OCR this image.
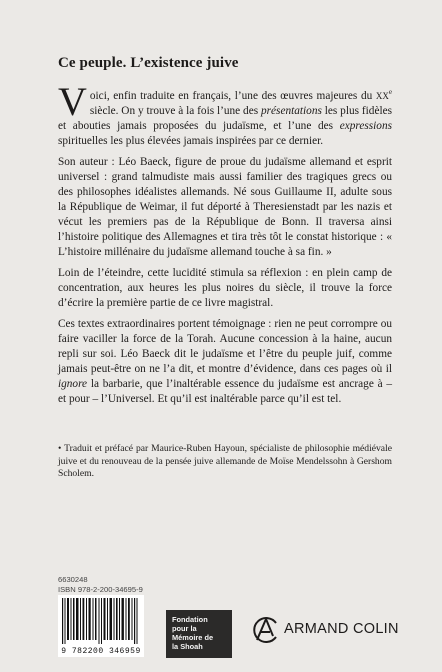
Ce peuple. L’existence juive

Voici, enfin traduite en français, l’une des œuvres majeures du XXe siècle. On y trouve à la fois l’une des présentations les plus fidèles et abouties jamais proposées du judaïsme, et l’une des expressions spirituelles les plus élevées jamais inspirées par ce dernier.

Son auteur : Léo Baeck, figure de proue du judaïsme allemand et esprit universel : grand talmudiste mais aussi familier des tragiques grecs ou des philosophes idéalistes allemands. Né sous Guillaume II, adulte sous la République de Weimar, il fut déporté à Theresienstadt par les nazis et vécut les premiers pas de la République de Bonn. Il traversa ainsi l’histoire politique des Allemagnes et tira très tôt le constat historique : « L’histoire millénaire du judaïsme allemand touche à sa fin. »

Loin de l’éteindre, cette lucidité stimula sa réflexion : en plein camp de concentration, aux heures les plus noires du siècle, il trouve la force d’écrire la première partie de ce livre magistral.

Ces textes extraordinaires portent témoignage : rien ne peut corrompre ou faire vaciller la force de la Torah. Aucune concession à la haine, aucun repli sur soi. Léo Baeck dit le judaïsme et l’être du peuple juif, comme jamais peut-être on ne l’a dit, et montre d’évidence, dans ces pages où il ignore la barbarie, que l’inaltérable essence du judaïsme est ancrage à – et pour – l’Universel. Et qu’il est inaltérable parce qu’il est tel.

• Traduit et préfacé par Maurice-Ruben Hayoun, spécialiste de philosophie médiévale juive et du renouveau de la pensée juive allemande de Moïse Mendelssohn à Gershom Scholem.
6630248
ISBN 978-2-200-34695-9
9 782200 346959
Fondation
pour la
Mémoire de
la Shoah
ARMAND COLIN
